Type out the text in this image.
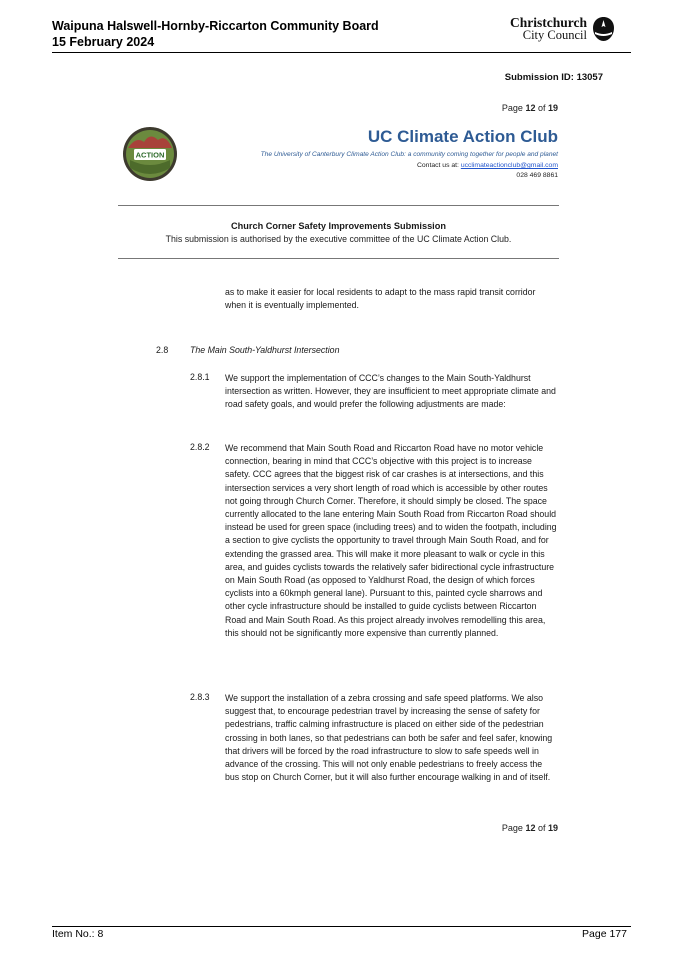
Waipuna Halswell-Hornby-Riccarton Community Board
15 February 2024
Christchurch
City Council
Submission ID: 13057
Page 12 of 19
ACTION
UC Climate Action Club
The University of Canterbury Climate Action Club: a community coming together for people and planet
Contact us at: ucclimateactionclub@gmail.com
028 469 8861
Church Corner Safety Improvements Submission
This submission is authorised by the executive committee of the UC Climate Action Club.
as to make it easier for local residents to adapt to the mass rapid transit corridor when it is eventually implemented.
2.8 The Main South-Yaldhurst Intersection
2.8.1 We support the implementation of CCC’s changes to the Main South-Yaldhurst intersection as written. However, they are insufficient to meet appropriate climate and road safety goals, and would prefer the following adjustments are made:
2.8.2 We recommend that Main South Road and Riccarton Road have no motor vehicle connection, bearing in mind that CCC’s objective with this project is to increase safety. CCC agrees that the biggest risk of car crashes is at intersections, and this intersection services a very short length of road which is accessible by other routes not going through Church Corner. Therefore, it should simply be closed. The space currently allocated to the lane entering Main South Road from Riccarton Road should instead be used for green space (including trees) and to widen the footpath, including a section to give cyclists the opportunity to travel through Main South Road, and for extending the grassed area. This will make it more pleasant to walk or cycle in this area, and guides cyclists towards the relatively safer bidirectional cycle infrastructure on Main South Road (as opposed to Yaldhurst Road, the design of which forces cyclists into a 60kmph general lane). Pursuant to this, painted cycle sharrows and other cycle infrastructure should be installed to guide cyclists between Riccarton Road and Main South Road. As this project already involves remodelling this area, this should not be significantly more expensive than currently planned.
2.8.3 We support the installation of a zebra crossing and safe speed platforms. We also suggest that, to encourage pedestrian travel by increasing the sense of safety for pedestrians, traffic calming infrastructure is placed on either side of the pedestrian crossing in both lanes, so that pedestrians can both be safer and feel safer, knowing that drivers will be forced by the road infrastructure to slow to safe speeds well in advance of the crossing. This will not only enable pedestrians to freely access the bus stop on Church Corner, but it will also further encourage walking in and of itself.
Page 12 of 19
Item No.: 8	Page 177
